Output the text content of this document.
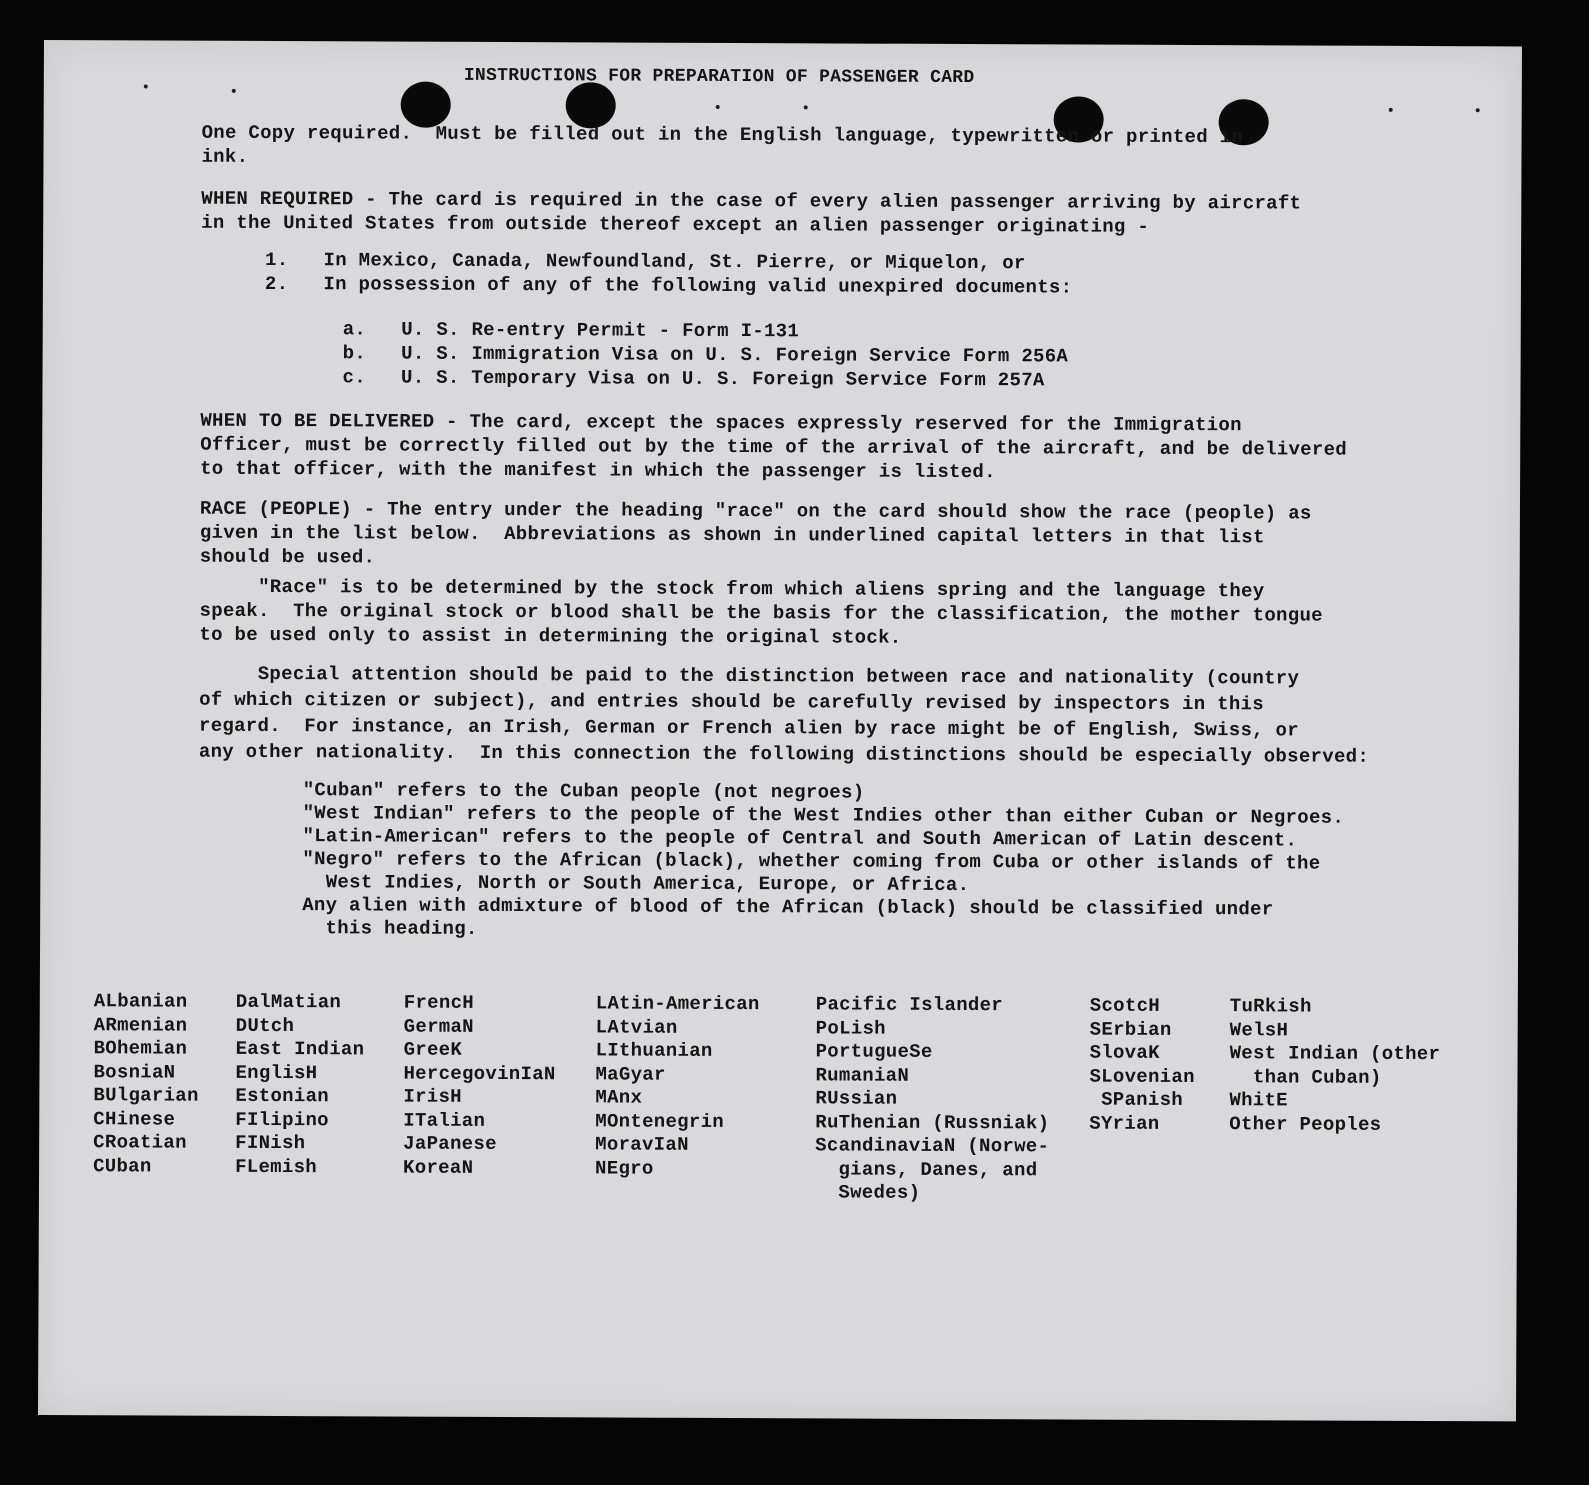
INSTRUCTIONS FOR PREPARATION OF PASSENGER CARD
One Copy required.  Must be filled out in the English language, typewritten or printed in
ink.
WHEN REQUIRED - The card is required in the case of every alien passenger arriving by aircraft
in the United States from outside thereof except an alien passenger originating -
1.   In Mexico, Canada, Newfoundland, St. Pierre, or Miquelon, or
2.   In possession of any of the following valid unexpired documents:
a.   U. S. Re-entry Permit - Form I-131
b.   U. S. Immigration Visa on U. S. Foreign Service Form 256A
c.   U. S. Temporary Visa on U. S. Foreign Service Form 257A
WHEN TO BE DELIVERED - The card, except the spaces expressly reserved for the Immigration
Officer, must be correctly filled out by the time of the arrival of the aircraft, and be delivered
to that officer, with the manifest in which the passenger is listed.
RACE (PEOPLE) - The entry under the heading "race" on the card should show the race (people) as
given in the list below.  Abbreviations as shown in underlined capital letters in that list
should be used.
"Race" is to be determined by the stock from which aliens spring and the language they
speak.  The original stock or blood shall be the basis for the classification, the mother tongue
to be used only to assist in determining the original stock.
Special attention should be paid to the distinction between race and nationality (country
of which citizen or subject), and entries should be carefully revised by inspectors in this
regard.  For instance, an Irish, German or French alien by race might be of English, Swiss, or
any other nationality.  In this connection the following distinctions should be especially observed:
"Cuban" refers to the Cuban people (not negroes)
"West Indian" refers to the people of the West Indies other than either Cuban or Negroes.
"Latin-American" refers to the people of Central and South American of Latin descent.
"Negro" refers to the African (black), whether coming from Cuba or other islands of the
West Indies, North or South America, Europe, or Africa.
Any alien with admixture of blood of the African (black) should be classified under
this heading.
ALbanian
ARmenian
BOhemian
BosniaN
BUlgarian
CHinese
CRoatian
CUban
DalMatian
DUtch
East Indian
EnglisH
Estonian
FIlipino
FINish
FLemish
FrencH
GermaN
GreeK
HercegovinIaN
IrisH
ITalian
JaPanese
KoreaN
LAtin-American
LAtvian
LIthuanian
MaGyar
MAnx
MOntenegrin
MoravIaN
NEgro
Pacific Islander
PoLish
PortugueSe
RumaniaN
RUssian
RuThenian (Russniak)
ScandinaviaN (Norwe-
gians, Danes, and
Swedes)
ScotcH
SErbian
SlovaK
SLovenian
SPanish
SYrian
TuRkish
WelsH
West Indian (other
than Cuban)
WhitE
Other Peoples
